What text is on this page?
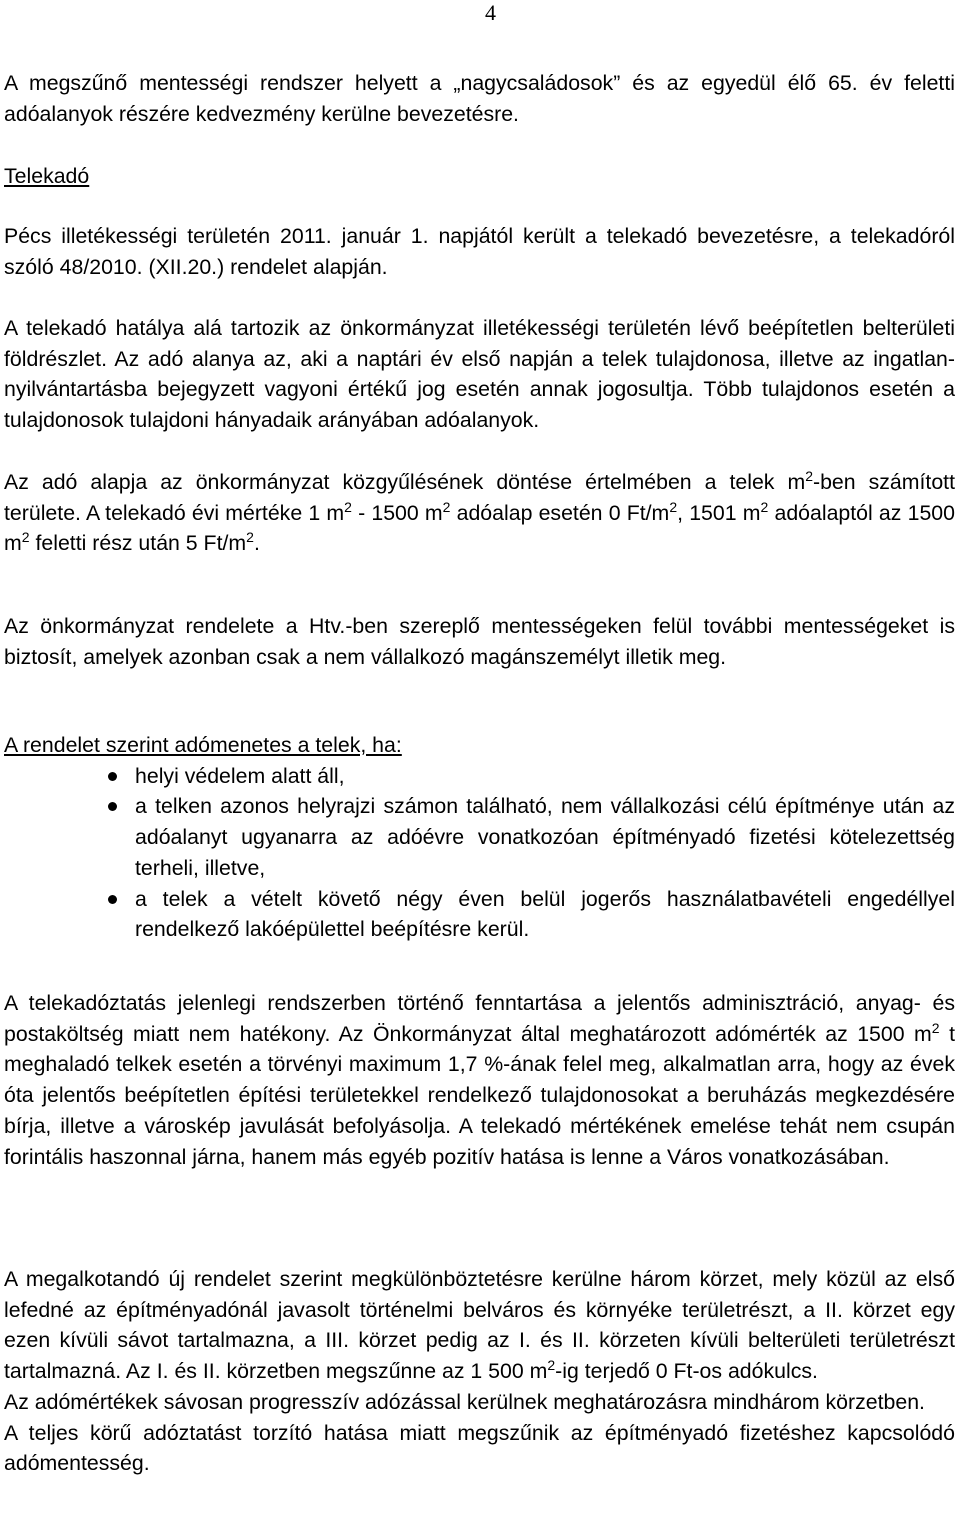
4

A megszűnő mentességi rendszer helyett a „nagycsaládosok” és az egyedül élő 65. év feletti adóalanyok részére kedvezmény kerülne bevezetésre.

Telekadó

Pécs illetékességi területén 2011. január 1. napjától került a telekadó bevezetésre, a telekadóról szóló 48/2010. (XII.20.) rendelet alapján.

A telekadó hatálya alá tartozik az önkormányzat illetékességi területén lévő beépítetlen belterületi földrészlet. Az adó alanya az, aki a naptári év első napján a telek tulajdonosa, illetve az ingatlan-nyilvántartásba bejegyzett vagyoni értékű jog esetén annak jogosultja. Több tulajdonos esetén a tulajdonosok tulajdoni hányadaik arányában adóalanyok.

Az adó alapja az önkormányzat közgyűlésének döntése értelmében a telek $m^2$-ben számított területe. A telekadó évi mértéke 1 $m^2 - 1500$ $m^2$ adóalap esetén 0 $Ft/m^2$, 1501 $m^2$ adóalaptól az 1500 $m^2$ feletti rész után 5 $Ft/m^2$.

Az önkormányzat rendelete a Htv.-ben szereplő mentességeken felül további mentességeket is biztosít, amelyek azonban csak a nem vállalkozó magánszemélyt illetik meg.

A rendelet szerint adómenetes a telek, ha:

helyi védelem alatt áll,
a telken azonos helyrajzi számon található, nem vállalkozási célú építménye után az adóalanyt ugyanarra az adóévre vonatkozóan építményadó fizetési kötelezettség terheli, illetve,
a telek a vételt követő négy éven belül jogerős használatbavételi engedéllyel rendelkező lakóépülettel beépítésre kerül.

A telekadóztatás jelenlegi rendszerben történő fenntartása a jelentős adminisztráció, anyag- és postaköltség miatt nem hatékony. Az Önkormányzat által meghatározott adómérték az 1500 $m^2$ t meghaladó telkek esetén a törvényi maximum 1,7 %-ának felel meg, alkalmatlan arra, hogy az évek óta jelentős beépítetlen építési területekkel rendelkező tulajdonosokat a beruházás megkezdésére bírja, illetve a városkép javulását befolyásolja. A telekadó mértékének emelése tehát nem csupán forintális haszonnal járna, hanem más egyéb pozitív hatása is lenne a Város vonatkozásában.

A megalkotandó új rendelet szerint megkülönböztetésre kerülne három körzet, mely közül az első lefedné az építményadónál javasolt történelmi belváros és környéke területrészt, a II. körzet egy ezen kívüli sávot tartalmazna, a III. körzet pedig az I. és II. körzeten kívüli belterületi területrészt tartalmazná. Az I. és II. körzetben megszűnne az 1 500 $m^2-ig$ terjedő 0 Ft-os adókulcs.

Az adómértékek sávosan progresszív adózással kerülnek meghatározásra mindhárom körzetben.

A teljes körű adóztatást torzító hatása miatt megszűnik az építményadó fizetéshez kapcsolódó adómentesség.
